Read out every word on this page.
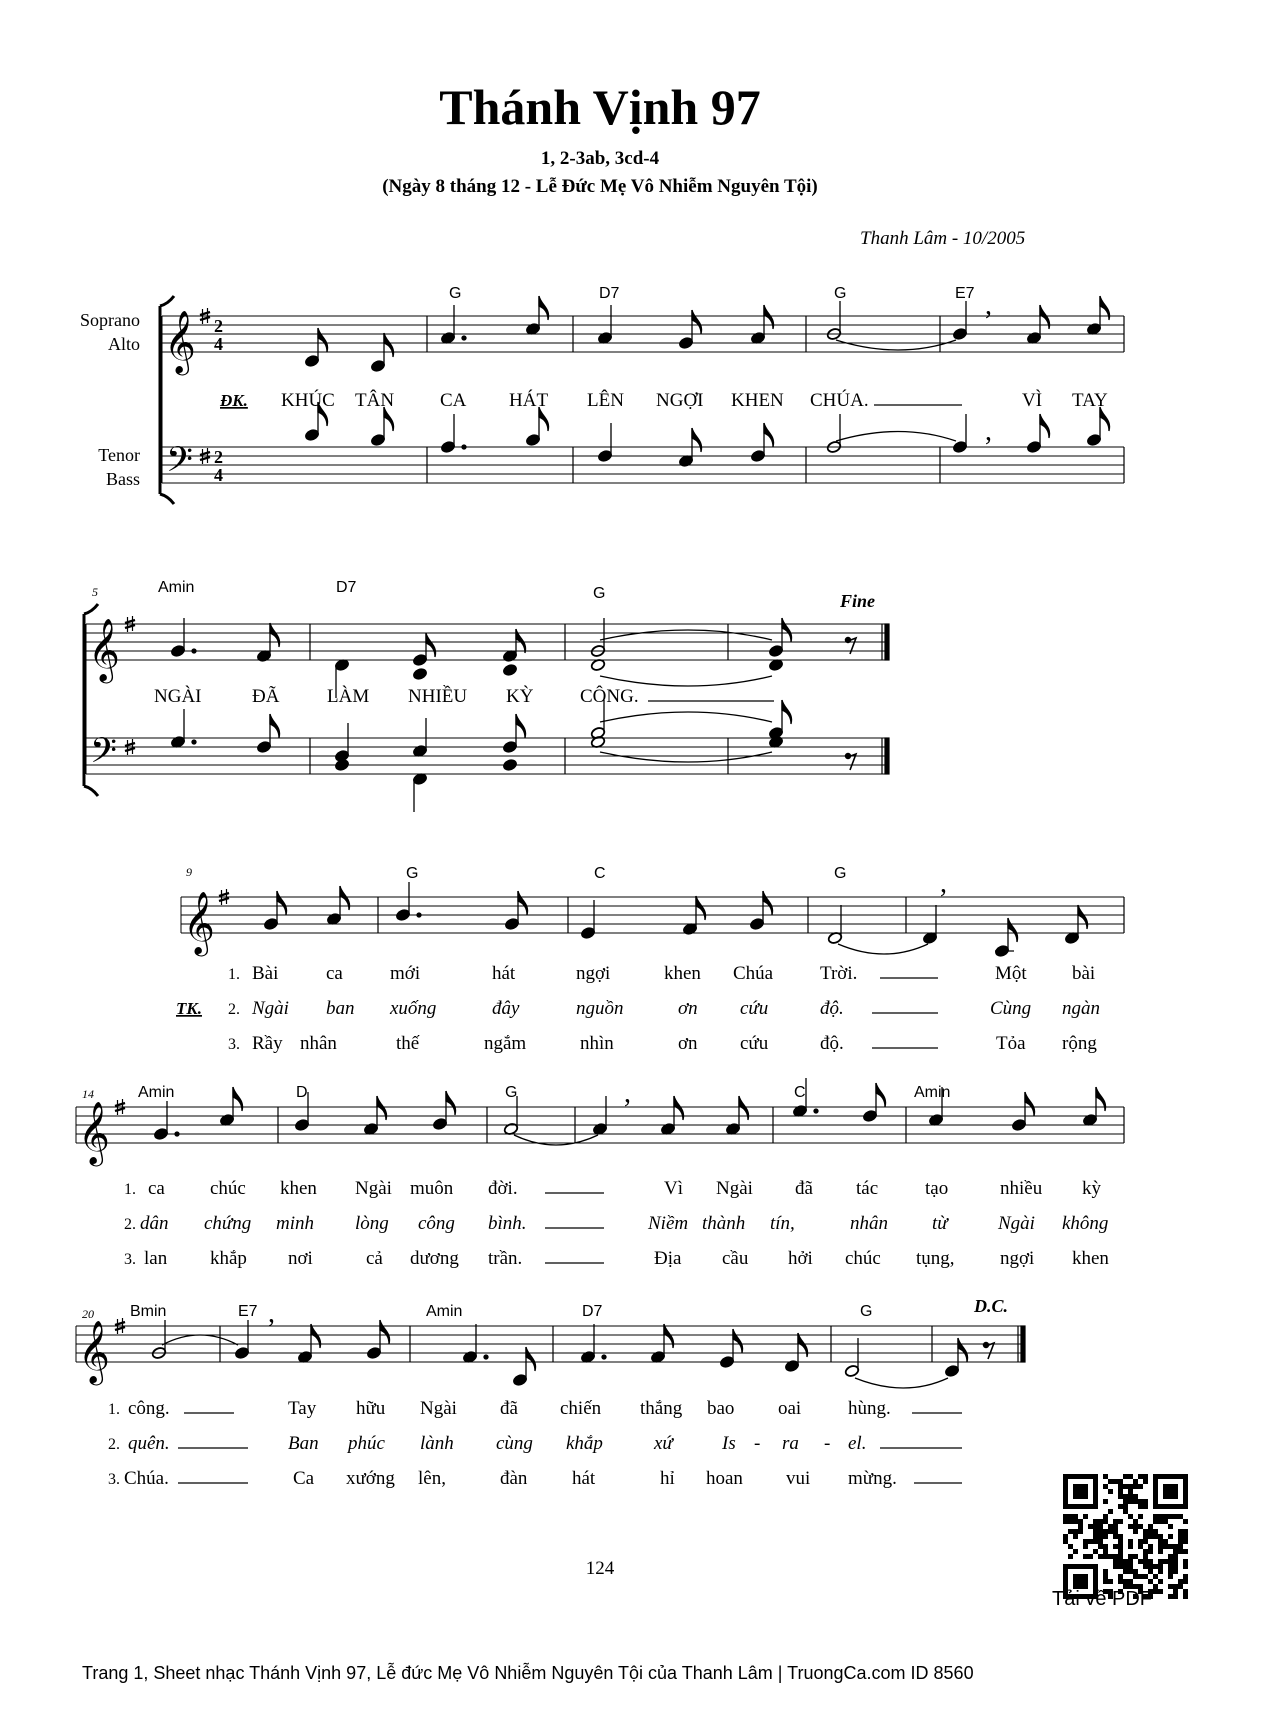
Thánh Vịnh 97
1, 2-3ab, 3cd-4
(Ngày 8 tháng 12 - Lễ Đức Mẹ Vô Nhiễm Nguyên Tội)
Thanh Lâm - 10/2005
Soprano
Alto
Tenor
Bass
𝄞
𝄢
2
4
2
4
,
,
G	D7	G	E7
ĐK. KHÚC TÂN CA HÁT LÊN NGỢI KHEN CHÚA.	VÌ TAY
5
𝄞
𝄢
Fine
Amin	D7	G
NGÀI	ĐÃ	LÀM NHIỀU KỲ CÔNG.
9
𝄞
,
G	C	G
TK.
1. Bài	ca mới	hát	ngợi	khen Chúa Trời.	Một bài
2. Ngài ban xuống	đây	nguồn	ơn cứu	độ.	Cùng ngàn
3. Rầy nhân	thế	ngắm	nhìn	ơn cứu	độ.	Tỏa rộng
14
𝄞
,
Amin	D	G	C	Amin
1. ca chúc khen Ngài muôn đời.	Vì Ngài đã tác tạo	nhiều kỳ
2. dân chứng minh lòng công bình.	Niềm thành tín,	nhân từ	Ngài không
3. lan khắp nơi	cả dương trần.	Địa cầu hởi chúc tụng, ngợi khen
20
𝄞
D.C.
,
Bmin	E7	Amin	D7	G
1. công.	Tay hữu Ngài đã chiến thắng bao oai hùng.
2. quên.	Ban phúc lành cùng khắp	xứ	Is - ra - el.
3. Chúa.	Ca xướng lên,	đàn hát	hỉ hoan vui mừng.
124
Tải về PDF
Trang 1, Sheet nhạc Thánh Vịnh 97, Lễ đức Mẹ Vô Nhiễm Nguyên Tội của Thanh Lâm | TruongCa.com ID 8560
